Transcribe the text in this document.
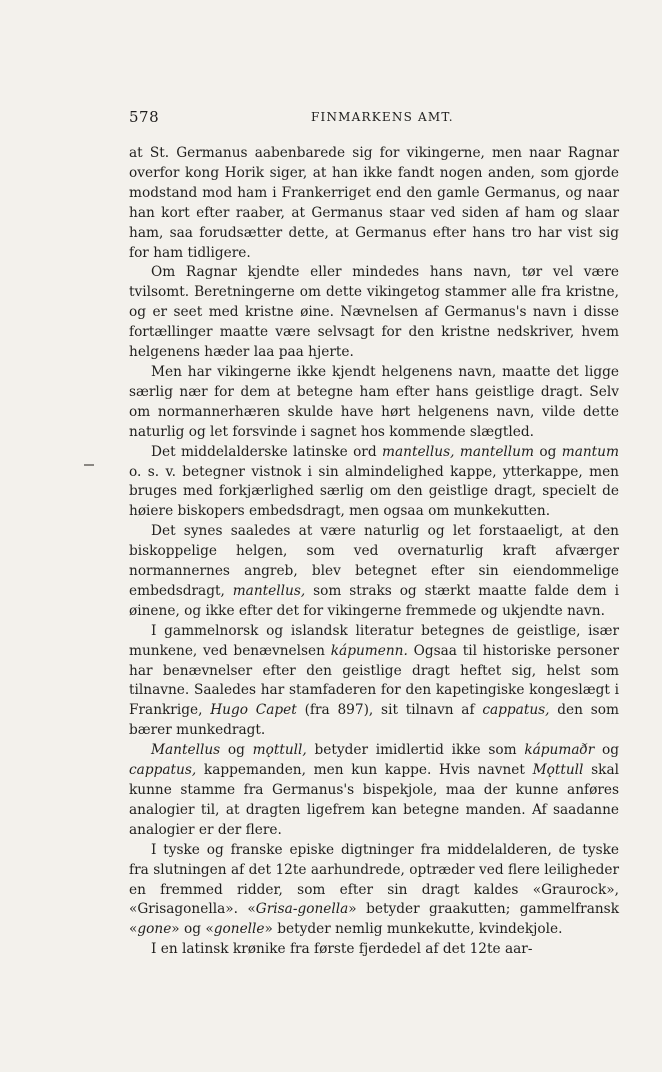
578	FINMARKENS AMT.

at St. Germanus aabenbarede sig for vikingerne, men naar Ragnar overfor kong Horik siger, at han ikke fandt nogen anden, som gjorde modstand mod ham i Frankerriget end den gamle Germanus, og naar han kort efter raaber, at Germanus staar ved siden af ham og slaar ham, saa forudsætter dette, at Germanus efter hans tro har vist sig for ham tidligere.

Om Ragnar kjendte eller mindedes hans navn, tør vel være tvilsomt. Beretningerne om dette vikingetog stammer alle fra kristne, og er seet med kristne øine. Nævnelsen af Germanus's navn i disse fortællinger maatte være selvsagt for den kristne nedskriver, hvem helgenens hæder laa paa hjerte.

Men har vikingerne ikke kjendt helgenens navn, maatte det ligge særlig nær for dem at betegne ham efter hans geistlige dragt. Selv om normannerhæren skulde have hørt helgenens navn, vilde dette naturlig og let forsvinde i sagnet hos kommende slægtled.

Det middelalderske latinske ord mantellus, mantellum og mantum o. s. v. betegner vistnok i sin almindelighed kappe, ytterkappe, men bruges med forkjærlighed særlig om den geistlige dragt, specielt de høiere biskopers embedsdragt, men ogsaa om munkekutten.

Det synes saaledes at være naturlig og let forstaaeligt, at den biskoppelige helgen, som ved overnaturlig kraft afværger normannernes angreb, blev betegnet efter sin eiendommelige embedsdragt, mantellus, som straks og stærkt maatte falde dem i øinene, og ikke efter det for vikingerne fremmede og ukjendte navn.

I gammelnorsk og islandsk literatur betegnes de geistlige, især munkene, ved benævnelsen kápumenn. Ogsaa til historiske personer har benævnelser efter den geistlige dragt heftet sig, helst som tilnavne. Saaledes har stamfaderen for den kapetingiske kongeslægt i Frankrige, Hugo Capet (fra 897), sit tilnavn af cappatus, den som bærer munkedragt.

Mantellus og mǫttull, betyder imidlertid ikke som kápumaðr og cappatus, kappemanden, men kun kappe. Hvis navnet Mǫttull skal kunne stamme fra Germanus's bispekjole, maa der kunne anføres analogier til, at dragten ligefrem kan betegne manden. Af saadanne analogier er der flere.

I tyske og franske episke digtninger fra middelalderen, de tyske fra slutningen af det 12te aarhundrede, optræder ved flere leiligheder en fremmed ridder, som efter sin dragt kaldes «Graurock», «Grisagonella». «Grisa-gonella» betyder graakutten; gammelfransk «gone» og «gonelle» betyder nemlig munkekutte, kvindekjole.

I en latinsk krønike fra første fjerdedel af det 12te aar-
